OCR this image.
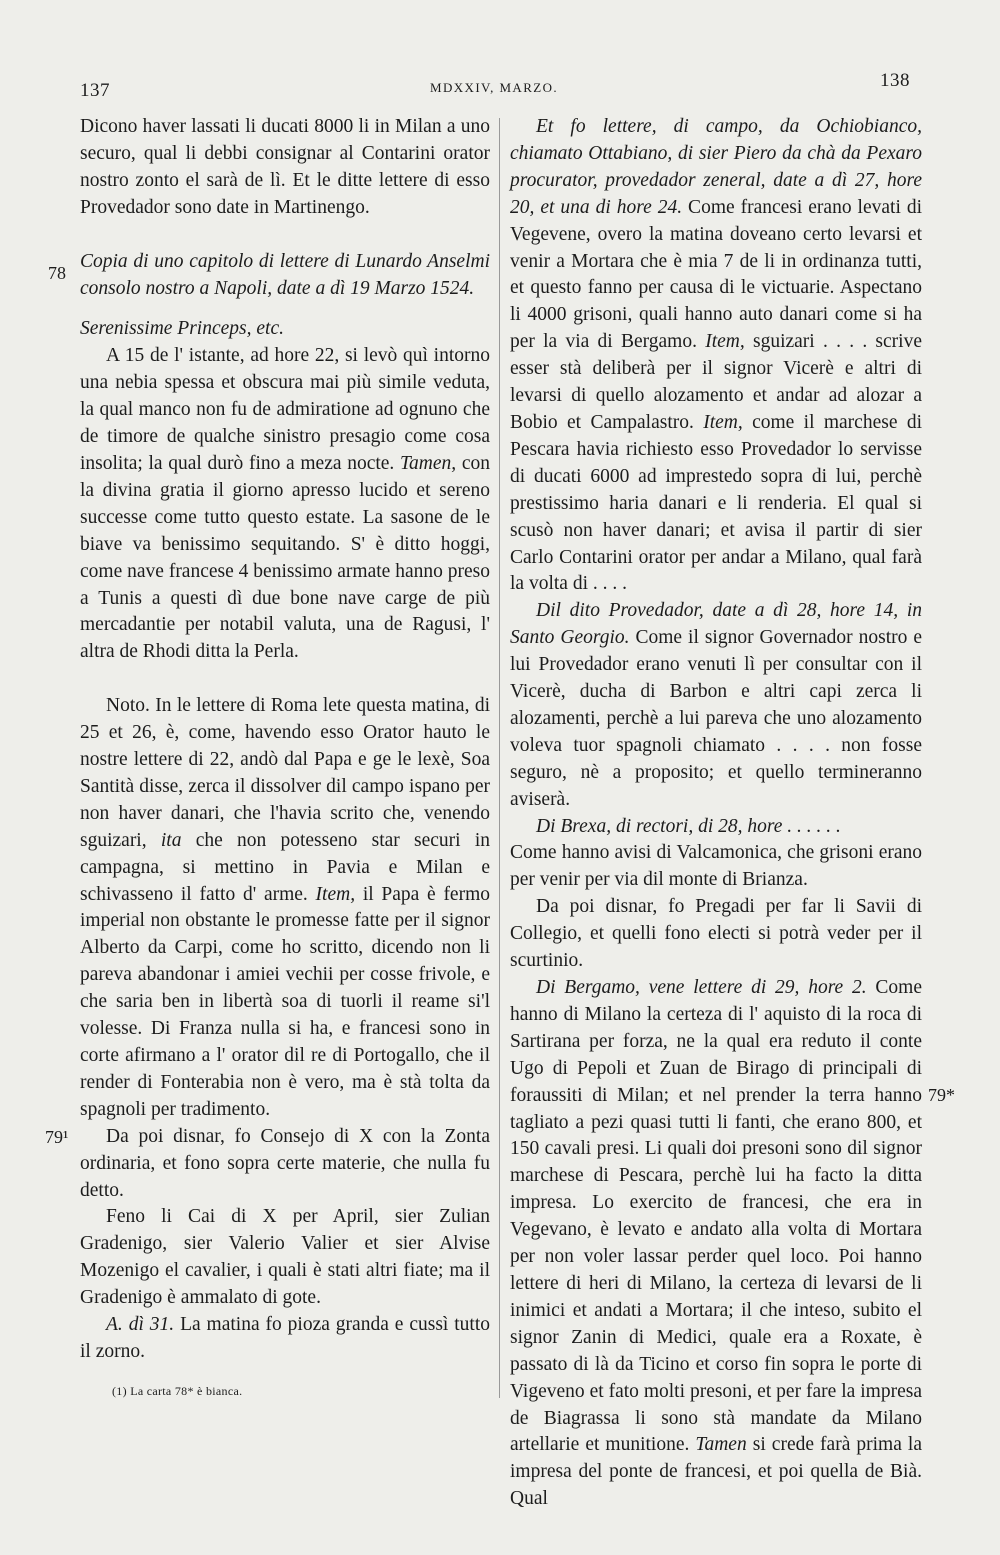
137	MDXXIV, MARZO.	138
78
79¹
79*

Dicono haver lassati li ducati 8000 li in Milan a uno securo, qual li debbi consignar al Contarini orator nostro zonto el sarà de lì. Et le ditte lettere di esso Provedador sono date in Martinengo.

Copia di uno capitolo di lettere di Lunardo Anselmi consolo nostro a Napoli, date a dì 19 Marzo 1524.

Serenissime Princeps, etc.

A 15 de l' istante, ad hore 22, si levò quì intorno una nebia spessa et obscura mai più simile veduta, la qual manco non fu de admiratione ad ognuno che de timore de qualche sinistro presagio come cosa insolita; la qual durò fino a meza nocte. Tamen, con la divina gratia il giorno apresso lucido et sereno successe come tutto questo estate. La sasone de le biave va benissimo sequitando. S' è ditto hoggi, come nave francese 4 benissimo armate hanno preso a Tunis a questi dì due bone nave carge de più mercadantie per notabil valuta, una de Ragusi, l' altra de Rhodi ditta la Perla.

Noto. In le lettere di Roma lete questa matina, di 25 et 26, è, come, havendo esso Orator hauto le nostre lettere di 22, andò dal Papa e ge le lexè, Soa Santità disse, zerca il dissolver dil campo ispano per non haver danari, che l'havia scrito che, venendo sguizari, ita che non potesseno star securi in campagna, si mettino in Pavia e Milan e schivasseno il fatto d' arme. Item, il Papa è fermo imperial non obstante le promesse fatte per il signor Alberto da Carpi, come ho scritto, dicendo non li pareva abandonar i amiei vechii per cosse frivole, e che saria ben in libertà soa di tuorli il reame si'l volesse. Di Franza nulla si ha, e francesi sono in corte afirmano a l' orator dil re di Portogallo, che il render di Fonterabia non è vero, ma è stà tolta da spagnoli per tradimento.

Da poi disnar, fo Consejo di X con la Zonta ordinaria, et fono sopra certe materie, che nulla fu detto.

Feno li Cai di X per April, sier Zulian Gradenigo, sier Valerio Valier et sier Alvise Mozenigo el cavalier, i quali è stati altri fiate; ma il Gradenigo è ammalato di gote.

A. dì 31. La matina fo pioza granda e cussì tutto il zorno.

(1) La carta 78* è bianca.

Et fo lettere, di campo, da Ochiobianco, chiamato Ottabiano, di sier Piero da chà da Pexaro procurator, provedador zeneral, date a dì 27, hore 20, et una di hore 24. Come francesi erano levati di Vegevene, overo la matina doveano certo levarsi et venir a Mortara che è mia 7 de li in ordinanza tutti, et questo fanno per causa di le victuarie. Aspectano li 4000 grisoni, quali hanno auto danari come si ha per la via di Bergamo. Item, sguizari . . . . scrive esser stà deliberà per il signor Vicerè e altri di levarsi di quello alozamento et andar ad alozar a Bobio et Campalastro. Item, come il marchese di Pescara havia richiesto esso Provedador lo servisse di ducati 6000 ad imprestedo sopra di lui, perchè prestissimo haria danari e li renderia. El qual si scusò non haver danari; et avisa il partir di sier Carlo Contarini orator per andar a Milano, qual farà la volta di . . . .

Dil dito Provedador, date a dì 28, hore 14, in Santo Georgio. Come il signor Governador nostro e lui Provedador erano venuti lì per consultar con il Vicerè, ducha di Barbon e altri capi zerca li alozamenti, perchè a lui pareva che uno alozamento voleva tuor spagnoli chiamato . . . . non fosse seguro, nè a proposito; et quello termineranno aviserà.

Di Brexa, di rectori, di 28, hore . . . . . .

Come hanno avisi di Valcamonica, che grisoni erano per venir per via dil monte di Brianza.

Da poi disnar, fo Pregadi per far li Savii di Collegio, et quelli fono electi si potrà veder per il scurtinio.

Di Bergamo, vene lettere di 29, hore 2. Come hanno di Milano la certeza di l' aquisto di la roca di Sartirana per forza, ne la qual era reduto il conte Ugo di Pepoli et Zuan de Birago di principali di foraussiti di Milan; et nel prender la terra hanno tagliato a pezi quasi tutti li fanti, che erano 800, et 150 cavali presi. Li quali doi presoni sono dil signor marchese di Pescara, perchè lui ha facto la ditta impresa. Lo exercito de francesi, che era in Vegevano, è levato e andato alla volta di Mortara per non voler lassar perder quel loco. Poi hanno lettere di heri di Milano, la certeza di levarsi de li inimici et andati a Mortara; il che inteso, subito el signor Zanin di Medici, quale era a Roxate, è passato di là da Ticino et corso fin sopra le porte di Vigeveno et fato molti presoni, et per fare la impresa de Biagrassa li sono stà mandate da Milano artellarie et munitione. Tamen si crede farà prima la impresa del ponte de francesi, et poi quella de Bià. Qual
